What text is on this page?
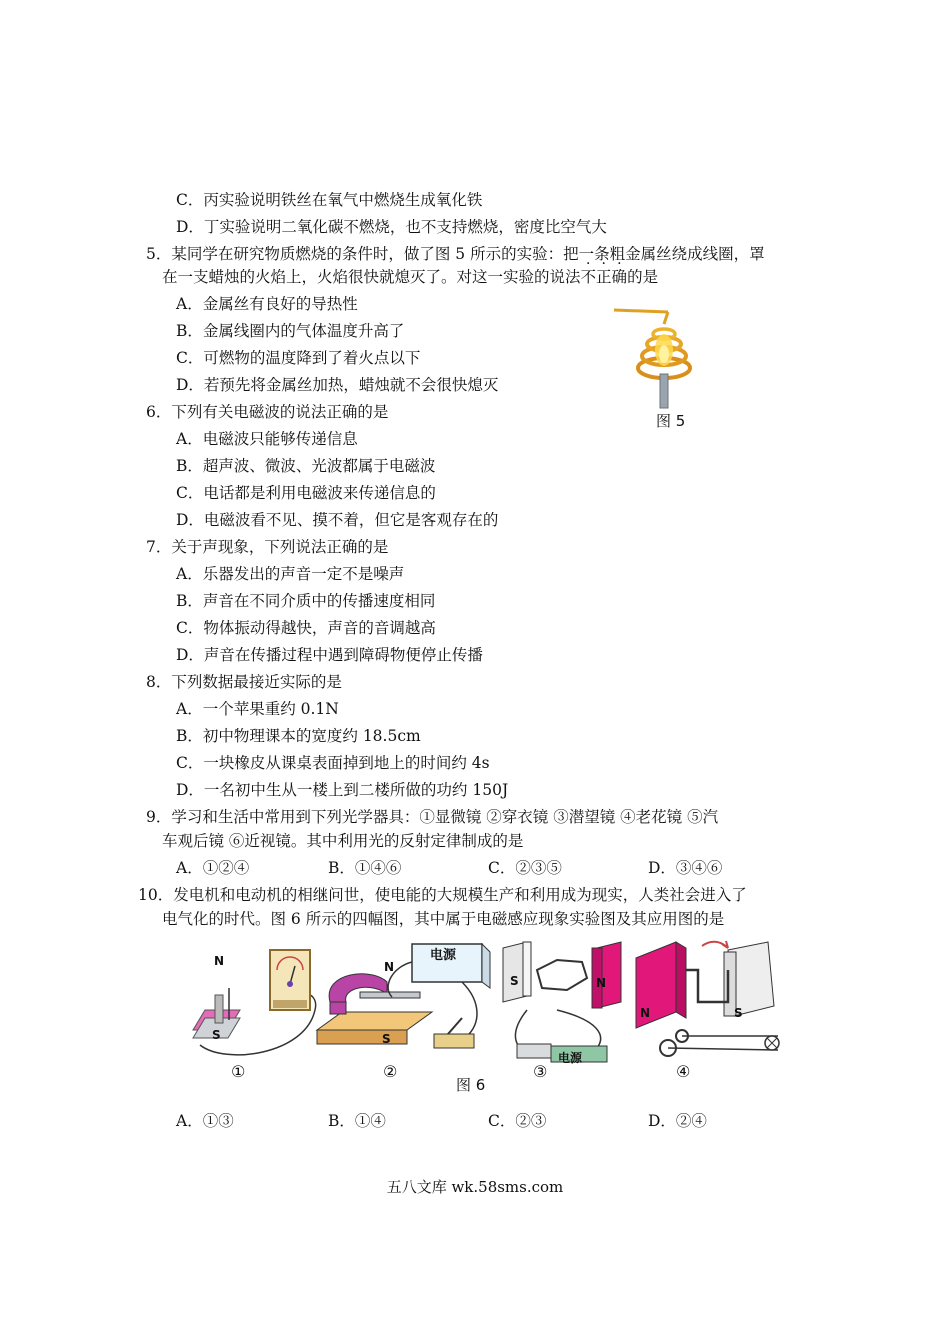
C．丙实验说明铁丝在氧气中燃烧生成氧化铁
D．丁实验说明二氧化碳不燃烧，也不支持燃烧，密度比空气大
5．某同学在研究物质燃烧的条件时，做了图 5 所示的实验：把一条粗金属丝绕成线圈，罩
在一支蜡烛的火焰上，火焰很快就熄灭了。对这一实验的说法不正确的是
A．金属丝有良好的导热性
B．金属线圈内的气体温度升高了
C．可燃物的温度降到了着火点以下
D．若预先将金属丝加热，蜡烛就不会很快熄灭
图 5
6．下列有关电磁波的说法正确的是
A．电磁波只能够传递信息
B．超声波、微波、光波都属于电磁波
C．电话都是利用电磁波来传递信息的
D．电磁波看不见、摸不着，但它是客观存在的
7．关于声现象，下列说法正确的是
A．乐器发出的声音一定不是噪声
B．声音在不同介质中的传播速度相同
C．物体振动得越快，声音的音调越高
D．声音在传播过程中遇到障碍物便停止传播
8．下列数据最接近实际的是
A．一个苹果重约 0.1N
B．初中物理课本的宽度约 18.5cm
C．一块橡皮从课桌表面掉到地上的时间约 4s
D．一名初中生从一楼上到二楼所做的功约 150J
9．学习和生活中常用到下列光学器具：①显微镜 ②穿衣镜 ③潜望镜 ④老花镜 ⑤汽
车观后镜 ⑥近视镜。其中利用光的反射定律制成的是
A．①②④	B．①④⑥	C．②③⑤	D．③④⑥
10．发电机和电动机的相继问世，使电能的大规模生产和利用成为现实，人类社会进入了
电气化的时代。图 6 所示的四幅图，其中属于电磁感应现象实验图及其应用图的是
N
S
电源
N
S
S	N
电源
N	S
①	②	③	④
图 6
A．①③	B．①④	C．②③	D．②④
五八文库 wk.58sms.com
